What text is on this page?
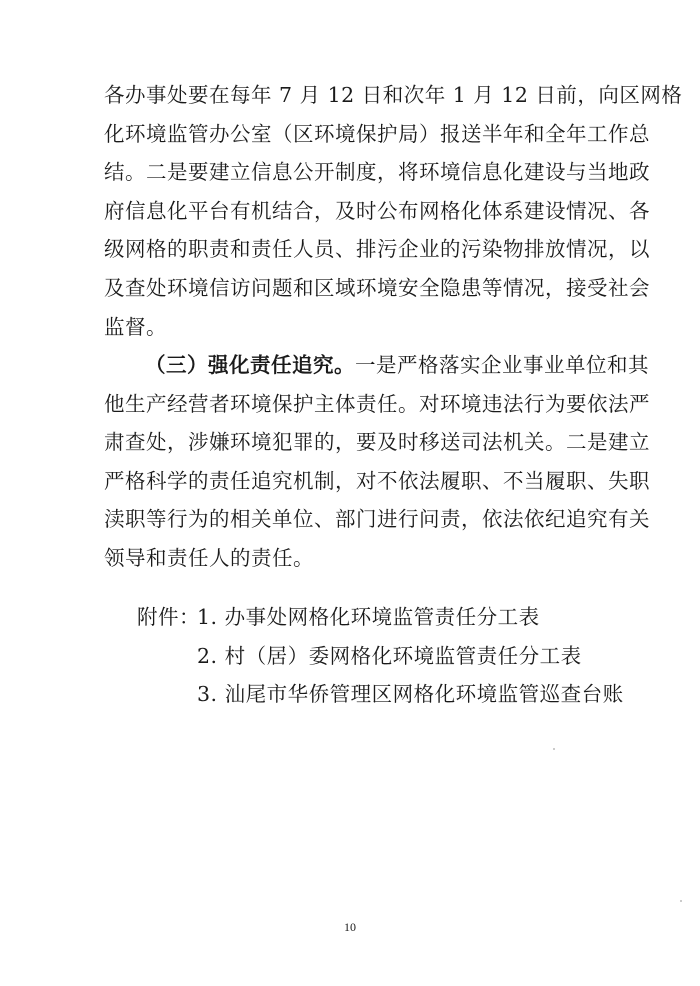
各办事处要在每年 7 月 12 日和次年 1 月 12 日前，向区网格
化环境监管办公室（区环境保护局）报送半年和全年工作总
结。二是要建立信息公开制度，将环境信息化建设与当地政
府信息化平台有机结合，及时公布网格化体系建设情况、各
级网格的职责和责任人员、排污企业的污染物排放情况，以
及查处环境信访问题和区域环境安全隐患等情况，接受社会
监督。
（三）强化责任追究。一是严格落实企业事业单位和其
他生产经营者环境保护主体责任。对环境违法行为要依法严
肃查处，涉嫌环境犯罪的，要及时移送司法机关。二是建立
严格科学的责任追究机制，对不依法履职、不当履职、失职
渎职等行为的相关单位、部门进行问责，依法依纪追究有关
领导和责任人的责任。
附件：
1. 办事处网格化环境监管责任分工表
2. 村（居）委网格化环境监管责任分工表
3. 汕尾市华侨管理区网格化环境监管巡查台账
10
